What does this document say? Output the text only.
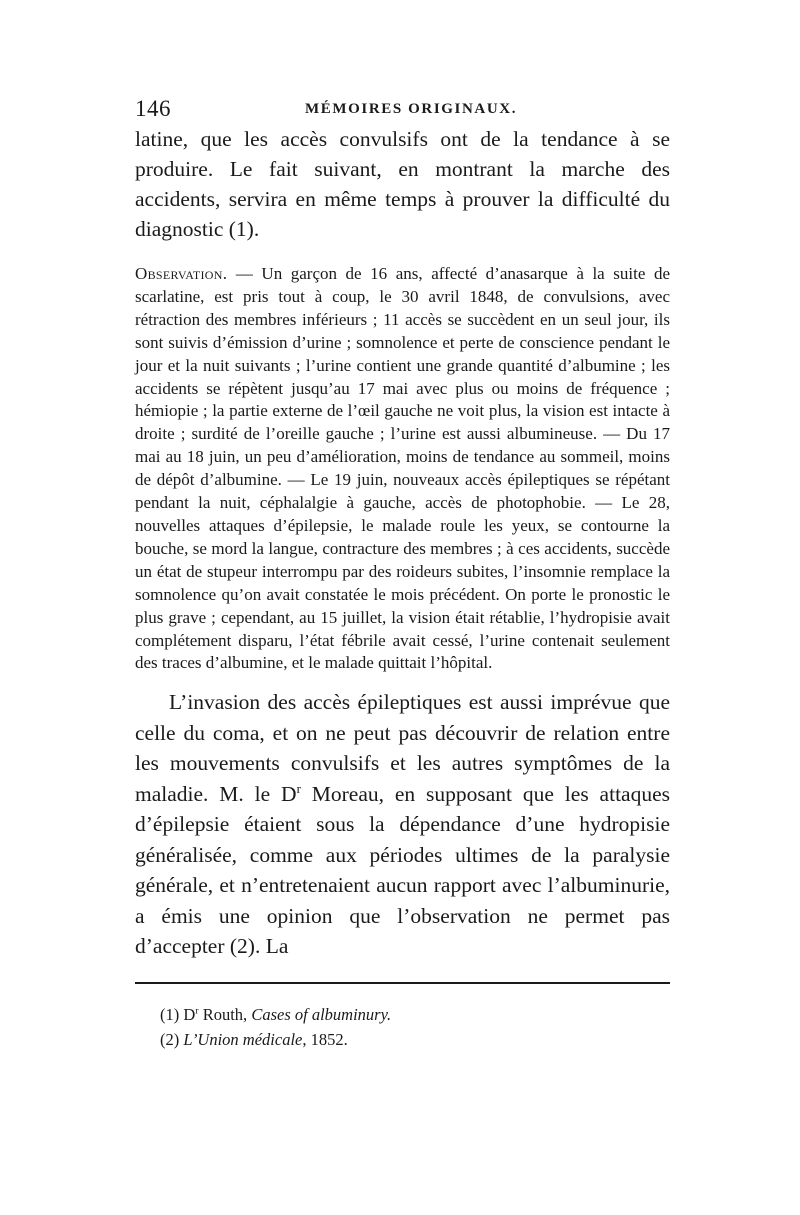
146	MÉMOIRES ORIGINAUX.

latine, que les accès convulsifs ont de la tendance à se produire. Le fait suivant, en montrant la marche des accidents, servira en même temps à prouver la difficulté du diagnostic (1).

Observation. — Un garçon de 16 ans, affecté d’anasarque à la suite de scarlatine, est pris tout à coup, le 30 avril 1848, de convulsions, avec rétraction des membres inférieurs ; 11 accès se succèdent en un seul jour, ils sont suivis d’émission d’urine ; somnolence et perte de conscience pendant le jour et la nuit suivants ; l’urine contient une grande quantité d’albumine ; les accidents se répètent jusqu’au 17 mai avec plus ou moins de fréquence ; hémiopie ; la partie externe de l’œil gauche ne voit plus, la vision est intacte à droite ; surdité de l’oreille gauche ; l’urine est aussi albumineuse. — Du 17 mai au 18 juin, un peu d’amélioration, moins de tendance au sommeil, moins de dépôt d’albumine. — Le 19 juin, nouveaux accès épileptiques se répétant pendant la nuit, céphalalgie à gauche, accès de photophobie. — Le 28, nouvelles attaques d’épilepsie, le malade roule les yeux, se contourne la bouche, se mord la langue, contracture des membres ; à ces accidents, succède un état de stupeur interrompu par des roideurs subites, l’insomnie remplace la somnolence qu’on avait constatée le mois précédent. On porte le pronostic le plus grave ; cependant, au 15 juillet, la vision était rétablie, l’hydropisie avait complétement disparu, l’état fébrile avait cessé, l’urine contenait seulement des traces d’albumine, et le malade quittait l’hôpital.

L’invasion des accès épileptiques est aussi imprévue que celle du coma, et on ne peut pas découvrir de relation entre les mouvements convulsifs et les autres symptômes de la maladie. M. le $D^r$ Moreau, en supposant que les attaques d’épilepsie étaient sous la dépendance d’une hydropisie généralisée, comme aux périodes ultimes de la paralysie générale, et n’entretenaient aucun rapport avec l’albuminurie, a émis une opinion que l’observation ne permet pas d’accepter (2). La

(1) $D^r$ Routh, Cases of albuminury.
(2) L’Union médicale, 1852.
